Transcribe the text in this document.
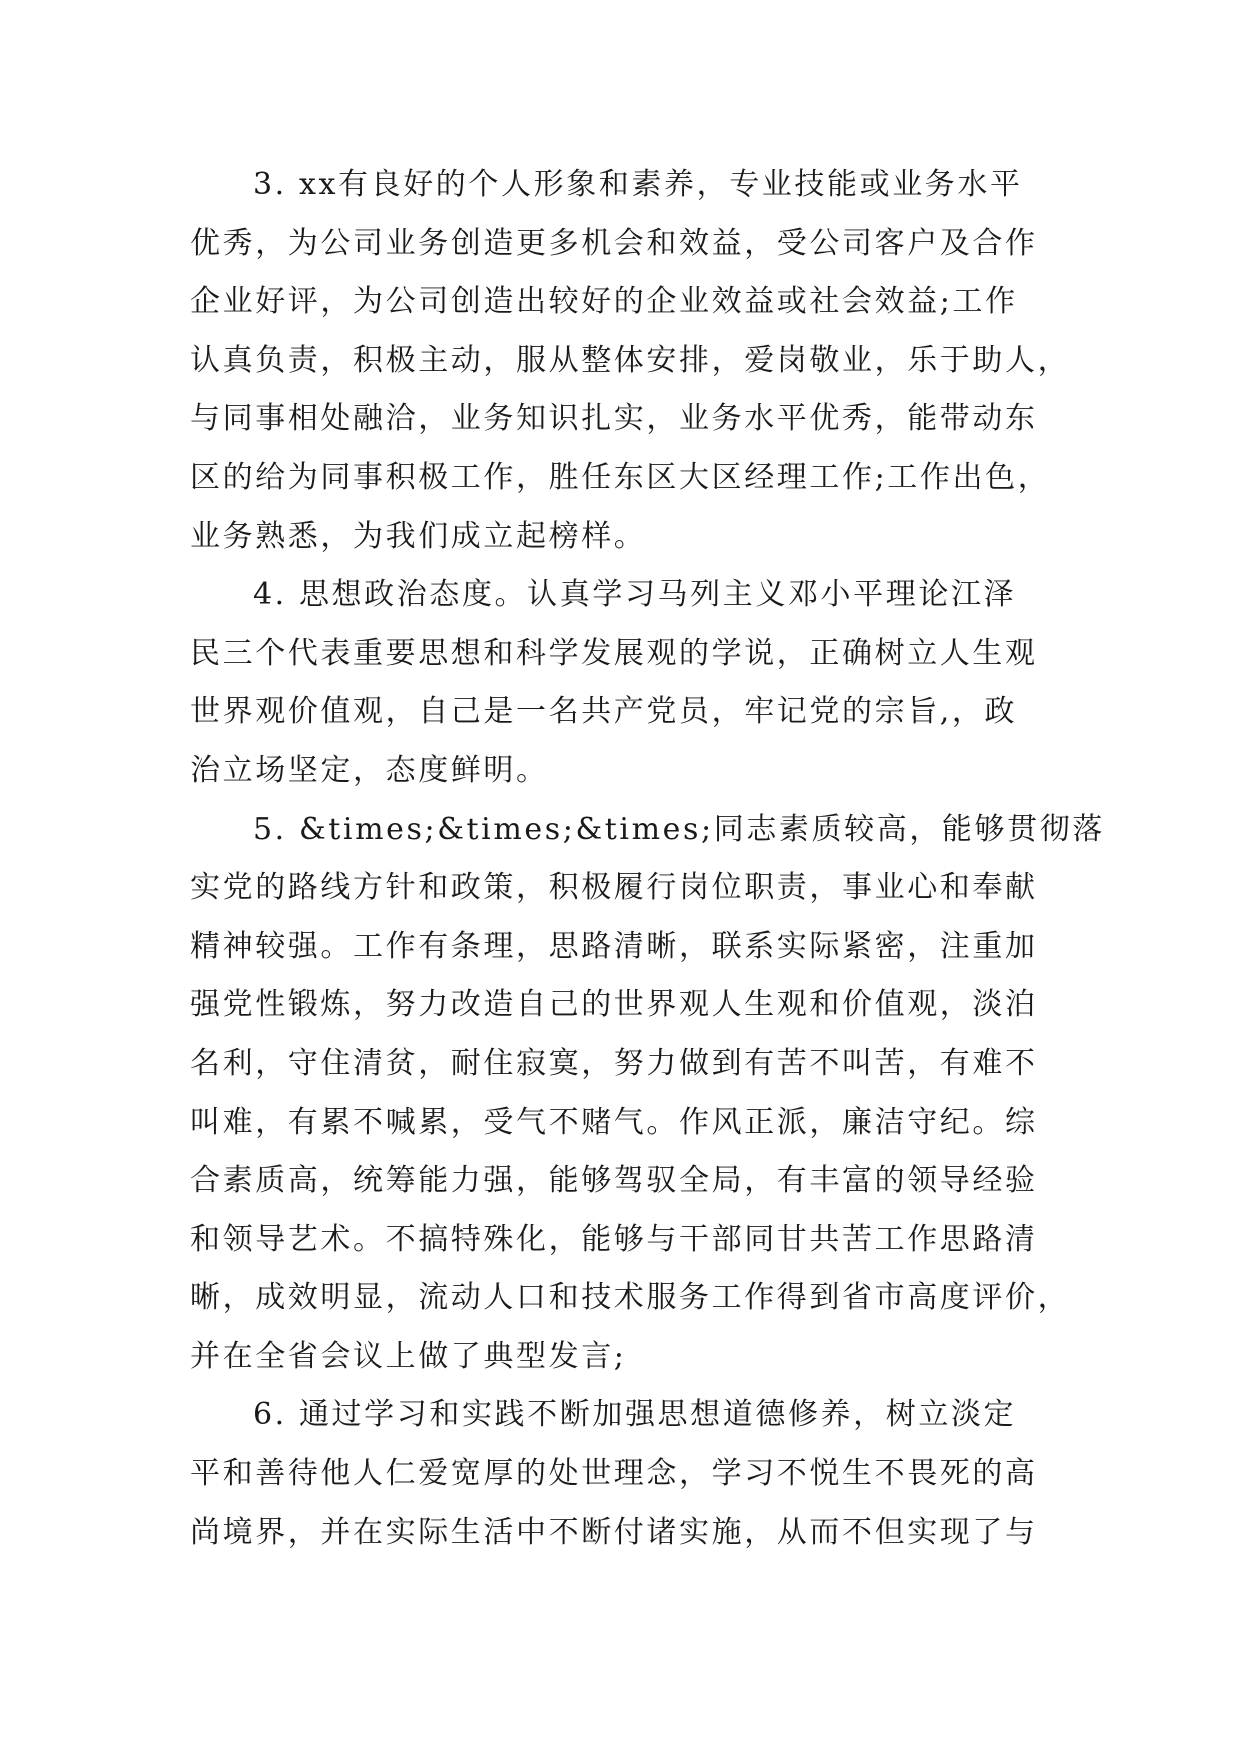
3. xx有良好的个人形象和素养，专业技能或业务水平
优秀，为公司业务创造更多机会和效益，受公司客户及合作
企业好评，为公司创造出较好的企业效益或社会效益;工作
认真负责，积极主动，服从整体安排，爱岗敬业，乐于助人，
与同事相处融洽，业务知识扎实，业务水平优秀，能带动东
区的给为同事积极工作，胜任东区大区经理工作;工作出色，
业务熟悉，为我们成立起榜样。

4. 思想政治态度。认真学习马列主义邓小平理论江泽
民三个代表重要思想和科学发展观的学说，正确树立人生观
世界观价值观，自己是一名共产党员，牢记党的宗旨,，政
治立场坚定，态度鲜明。

5. &times;&times;&times;同志素质较高，能够贯彻落
实党的路线方针和政策，积极履行岗位职责，事业心和奉献
精神较强。工作有条理，思路清晰，联系实际紧密，注重加
强党性锻炼，努力改造自己的世界观人生观和价值观，淡泊
名利，守住清贫，耐住寂寞，努力做到有苦不叫苦，有难不
叫难，有累不喊累，受气不赌气。作风正派，廉洁守纪。综
合素质高，统筹能力强，能够驾驭全局，有丰富的领导经验
和领导艺术。不搞特殊化，能够与干部同甘共苦工作思路清
晰，成效明显，流动人口和技术服务工作得到省市高度评价，
并在全省会议上做了典型发言;

6. 通过学习和实践不断加强思想道德修养，树立淡定
平和善待他人仁爱宽厚的处世理念，学习不悦生不畏死的高
尚境界，并在实际生活中不断付诸实施，从而不但实现了与
